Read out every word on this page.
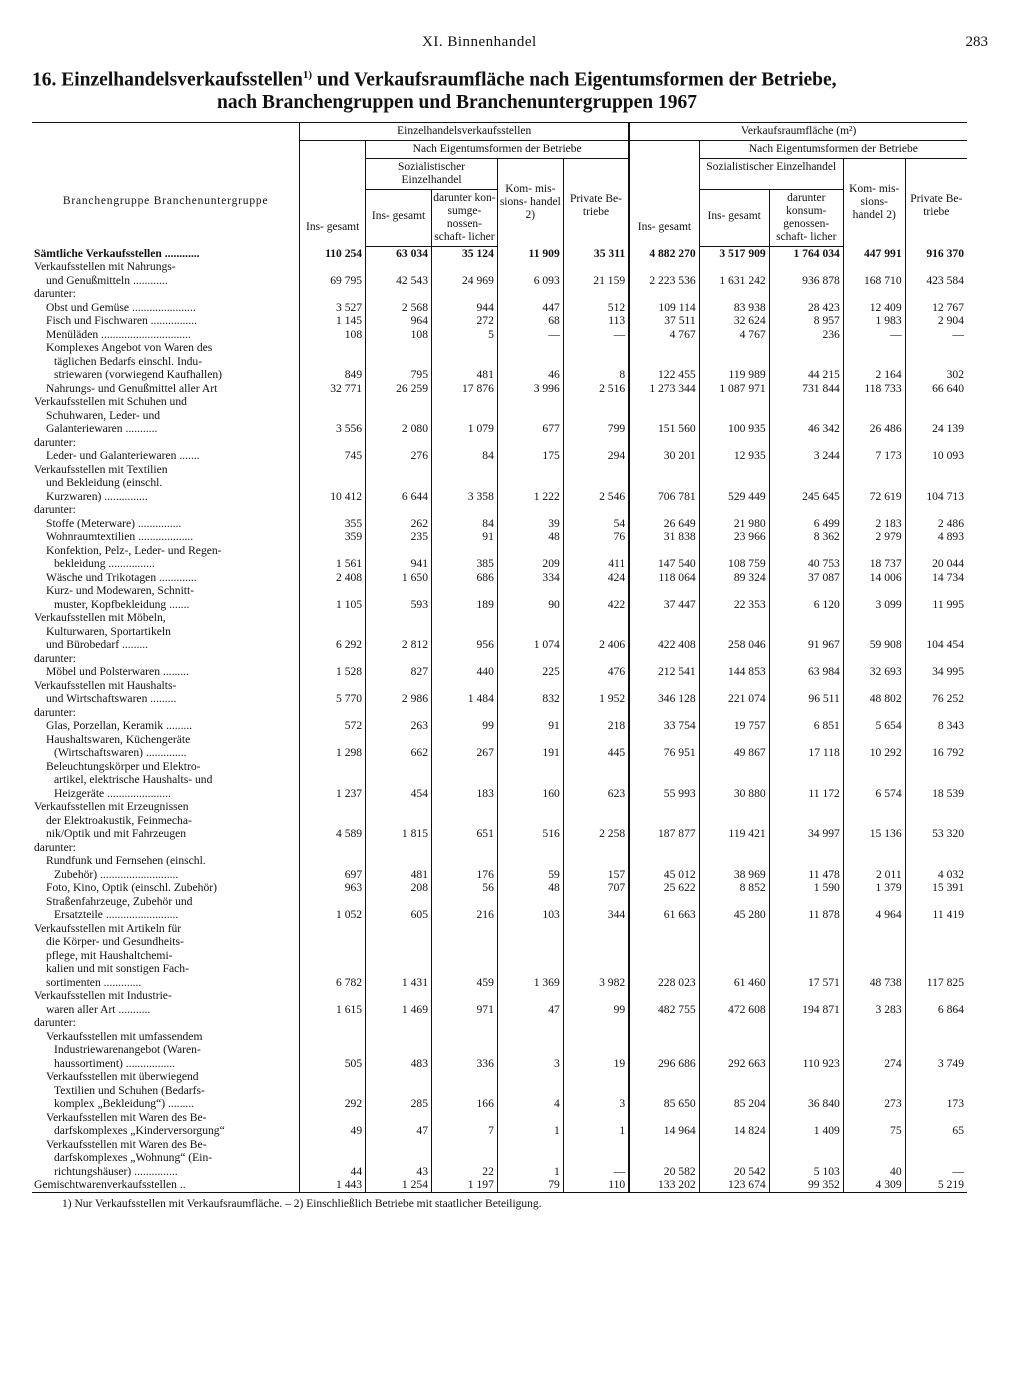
XI. Binnenhandel	283
16. Einzelhandelsverkaufsstellen$^{1)}$ und Verkaufsraumfläche nach Eigentumsformen der Betriebe,
nach Branchengruppen und Branchenuntergruppen 1967
Branchengruppe Branchenuntergruppe	Einzelhandelsverkaufsstellen					Verkaufsraumfläche (m²)				
	Ins- gesamt	Nach Eigentumsformen der Betriebe				Ins- gesamt	Nach Eigentumsformen der Betriebe			
		Sozialistischer Einzelhandel		Kom- mis- sions- handel 2)	Private Be- triebe		Sozialistischer Einzelhandel		Kom- mis- sions- handel 2)	Private Be- triebe
		Ins- gesamt	darunter kon- sumge- nossen- schaft- licher				Ins- gesamt	darunter konsum- genossen- schaft- licher		
Sämtliche Verkaufsstellen ............	110 254	63 034	35 124	11 909	35 311	4 882 270	3 517 909	1 764 034	447 991	916 370
Verkaufsstellen mit Nahrungs-										
und Genußmitteln ............	69 795	42 543	24 969	6 093	21 159	2 223 536	1 631 242	936 878	168 710	423 584
darunter:										
Obst und Gemüse ......................	3 527	2 568	944	447	512	109 114	83 938	28 423	12 409	12 767
Fisch und Fischwaren ................	1 145	964	272	68	113	37 511	32 624	8 957	1 983	2 904
Menüläden ...............................	108	108	5	—	—	4 767	4 767	236	—	—
Komplexes Angebot von Waren des										
täglichen Bedarfs einschl. Indu-										
striewaren (vorwiegend Kaufhallen)	849	795	481	46	8	122 455	119 989	44 215	2 164	302
Nahrungs- und Genußmittel aller Art	32 771	26 259	17 876	3 996	2 516	1 273 344	1 087 971	731 844	118 733	66 640
Verkaufsstellen mit Schuhen und										
Schuhwaren, Leder- und										
Galanteriewaren ...........	3 556	2 080	1 079	677	799	151 560	100 935	46 342	26 486	24 139
darunter:										
Leder- und Galanteriewaren .......	745	276	84	175	294	30 201	12 935	3 244	7 173	10 093
Verkaufsstellen mit Textilien										
und Bekleidung (einschl.										
Kurzwaren) ...............	10 412	6 644	3 358	1 222	2 546	706 781	529 449	245 645	72 619	104 713
darunter:										
Stoffe (Meterware) ...............	355	262	84	39	54	26 649	21 980	6 499	2 183	2 486
Wohnraumtextilien ...................	359	235	91	48	76	31 838	23 966	8 362	2 979	4 893
Konfektion, Pelz-, Leder- und Regen-										
bekleidung ................	1 561	941	385	209	411	147 540	108 759	40 753	18 737	20 044
Wäsche und Trikotagen .............	2 408	1 650	686	334	424	118 064	89 324	37 087	14 006	14 734
Kurz- und Modewaren, Schnitt-										
muster, Kopfbekleidung .......	1 105	593	189	90	422	37 447	22 353	6 120	3 099	11 995
Verkaufsstellen mit Möbeln,										
Kulturwaren, Sportartikeln										
und Bürobedarf .........	6 292	2 812	956	1 074	2 406	422 408	258 046	91 967	59 908	104 454
darunter:										
Möbel und Polsterwaren .........	1 528	827	440	225	476	212 541	144 853	63 984	32 693	34 995
Verkaufsstellen mit Haushalts-										
und Wirtschaftswaren .........	5 770	2 986	1 484	832	1 952	346 128	221 074	96 511	48 802	76 252
darunter:										
Glas, Porzellan, Keramik .........	572	263	99	91	218	33 754	19 757	6 851	5 654	8 343
Haushaltswaren, Küchengeräte										
(Wirtschaftswaren) ..............	1 298	662	267	191	445	76 951	49 867	17 118	10 292	16 792
Beleuchtungskörper und Elektro-										
artikel, elektrische Haushalts- und										
Heizgeräte ......................	1 237	454	183	160	623	55 993	30 880	11 172	6 574	18 539
Verkaufsstellen mit Erzeugnissen										
der Elektroakustik, Feinmecha-										
nik/Optik und mit Fahrzeugen	4 589	1 815	651	516	2 258	187 877	119 421	34 997	15 136	53 320
darunter:										
Rundfunk und Fernsehen (einschl.										
Zubehör) ...........................	697	481	176	59	157	45 012	38 969	11 478	2 011	4 032
Foto, Kino, Optik (einschl. Zubehör)	963	208	56	48	707	25 622	8 852	1 590	1 379	15 391
Straßenfahrzeuge, Zubehör und										
Ersatzteile .........................	1 052	605	216	103	344	61 663	45 280	11 878	4 964	11 419
Verkaufsstellen mit Artikeln für										
die Körper- und Gesundheits-										
pflege, mit Haushaltchemi-										
kalien und mit sonstigen Fach-										
sortimenten .............	6 782	1 431	459	1 369	3 982	228 023	61 460	17 571	48 738	117 825
Verkaufsstellen mit Industrie-										
waren aller Art ...........	1 615	1 469	971	47	99	482 755	472 608	194 871	3 283	6 864
darunter:										
Verkaufsstellen mit umfassendem										
Industriewarenangebot (Waren-										
haussortiment) .................	505	483	336	3	19	296 686	292 663	110 923	274	3 749
Verkaufsstellen mit überwiegend										
Textilien und Schuhen (Bedarfs-										
komplex „Bekleidung“) .........	292	285	166	4	3	85 650	85 204	36 840	273	173
Verkaufsstellen mit Waren des Be-										
darfskomplexes „Kinderversorgung“	49	47	7	1	1	14 964	14 824	1 409	75	65
Verkaufsstellen mit Waren des Be-										
darfskomplexes „Wohnung“ (Ein-										
richtungshäuser) ...............	44	43	22	1	—	20 582	20 542	5 103	40	—
Gemischtwarenverkaufsstellen ..	1 443	1 254	1 197	79	110	133 202	123 674	99 352	4 309	5 219
1) Nur Verkaufsstellen mit Verkaufsraumfläche. – 2) Einschließlich Betriebe mit staatlicher Beteiligung.
